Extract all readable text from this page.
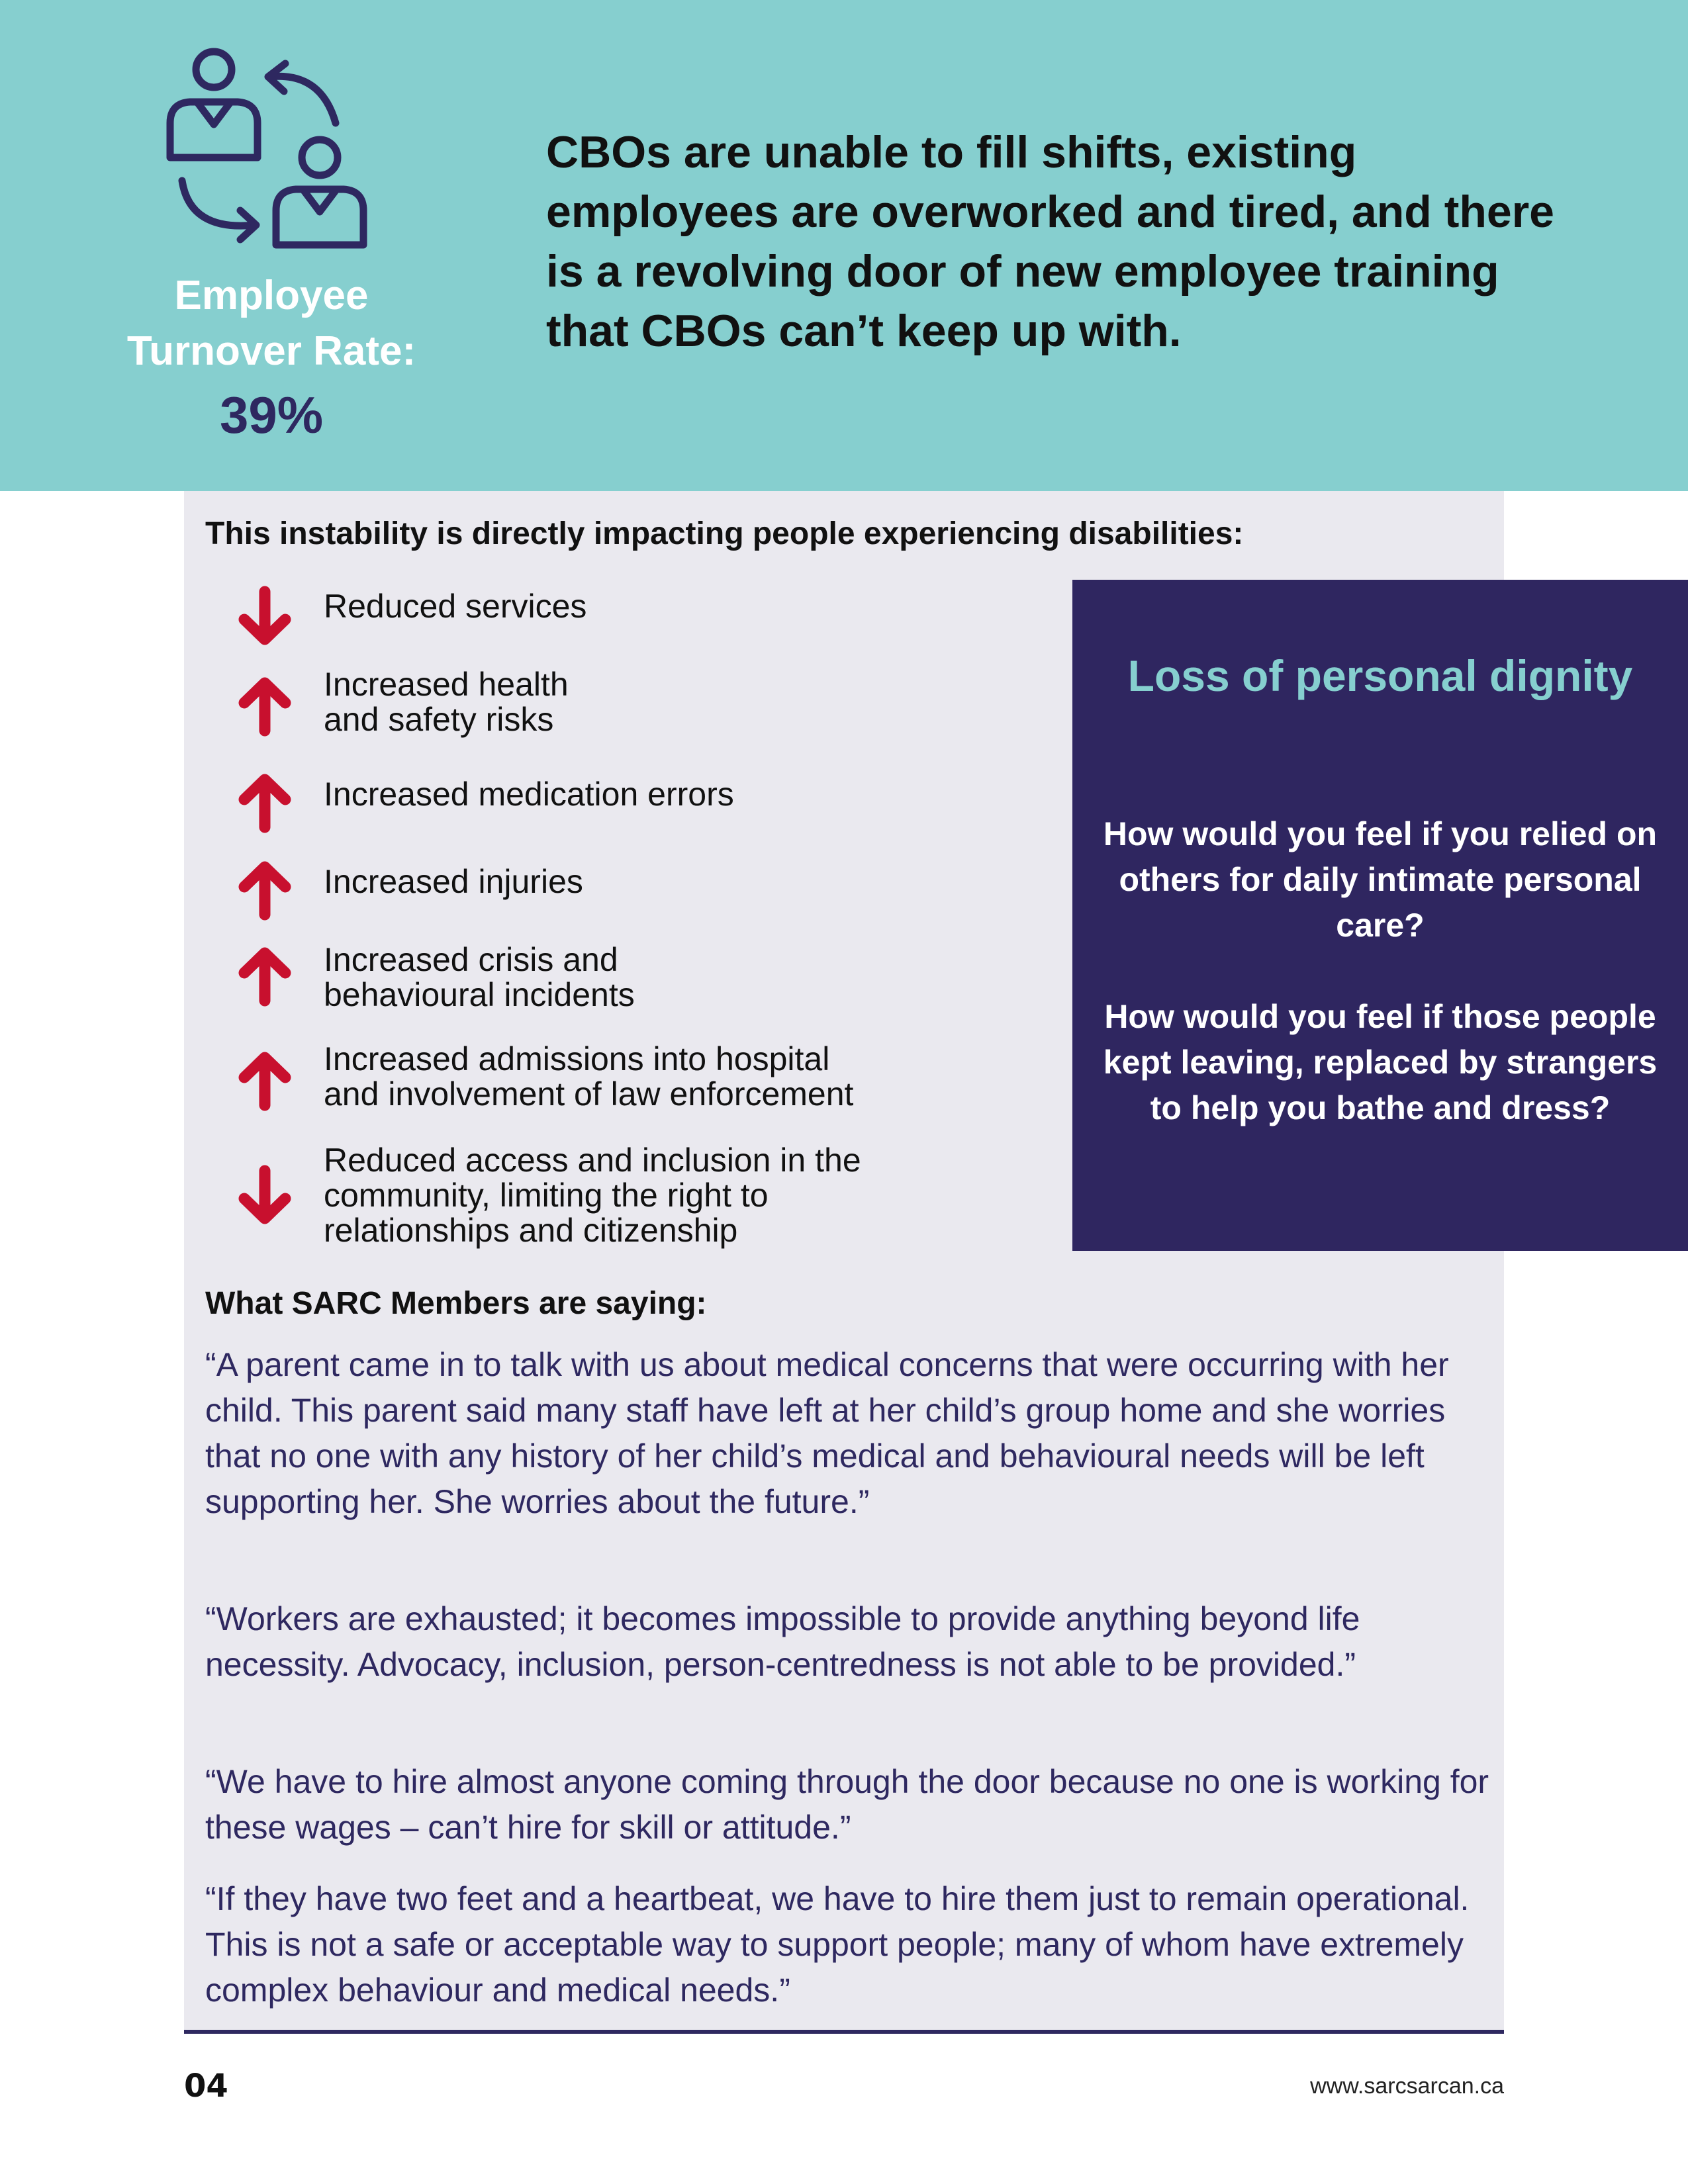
Employee Turnover Rate:
39%
CBOs are unable to fill shifts, existing employees are overworked and tired, and there is a revolving door of new employee training that CBOs can’t keep up with.
This instability is directly impacting people experiencing disabilities:
Reduced services
Increased health
and safety risks
Increased medication errors
Increased injuries
Increased crisis and
behavioural incidents
Increased admissions into hospital
and involvement of law enforcement
Reduced access and inclusion in the
community, limiting the right to
relationships and citizenship
Loss of personal dignity
How would you feel if you relied on others for daily intimate personal care?
How would you feel if those people kept leaving, replaced by strangers to help you bathe and dress?
What SARC Members are saying:
“A parent came in to talk with us about medical concerns that were occurring with her child. This parent said many staff have left at her child’s group home and she worries that no one with any history of her child’s medical and behavioural needs will be left supporting her. She worries about the future.”
“Workers are exhausted; it becomes impossible to provide anything beyond life necessity. Advocacy, inclusion, person-centredness is not able to be provided.”
“We have to hire almost anyone coming through the door because no one is working for these wages – can’t hire for skill or attitude.”
“If they have two feet and a heartbeat, we have to hire them just to remain operational. This is not a safe or acceptable way to support people; many of whom have extremely complex behaviour and medical needs.”
04	www.sarcsarcan.ca
